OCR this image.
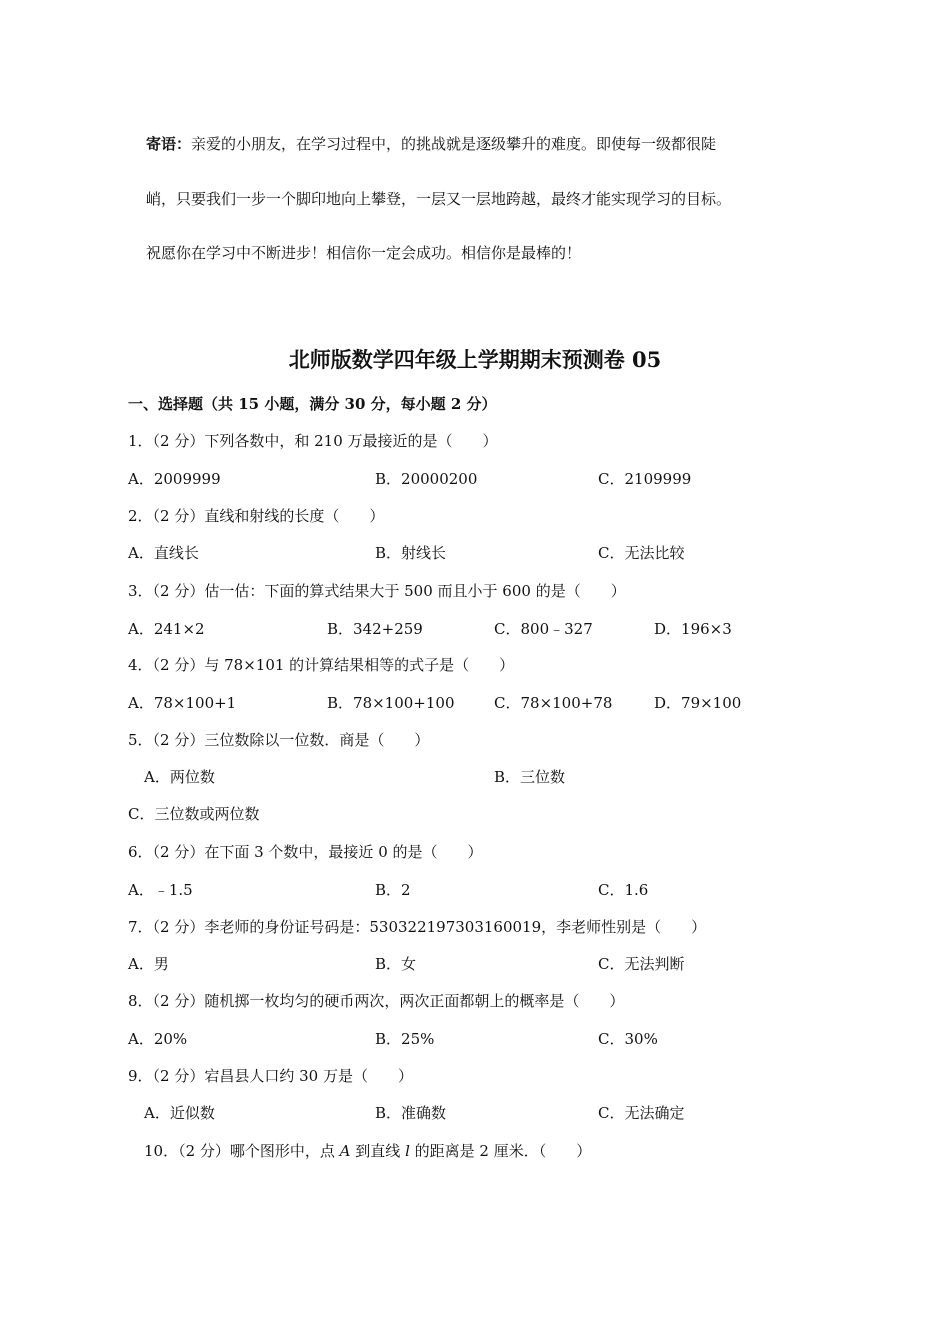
寄语：亲爱的小朋友，在学习过程中，的挑战就是逐级攀升的难度。即使每一级都很陡
峭，只要我们一步一个脚印地向上攀登，一层又一层地跨越，最终才能实现学习的目标。
祝愿你在学习中不断进步！相信你一定会成功。相信你是最棒的！
北师版数学四年级上学期期末预测卷 05
一、选择题（共 15 小题，满分 30 分，每小题 2 分）
1．（2 分）下列各数中，和 210 万最接近的是（　　）
A．2009999	B．20000200	C．2109999
2．（2 分）直线和射线的长度（　　）
A．直线长	B．射线长	C．无法比较
3．（2 分）估一估：下面的算式结果大于 500 而且小于 600 的是（　　）
A．241×2	B．342+259	C．800﹣327	D．196×3
4．（2 分）与 78×101 的计算结果相等的式子是（　　）
A．78×100+1	B．78×100+100	C．78×100+78	D．79×100
5．（2 分）三位数除以一位数．商是（　　）
A．两位数	B．三位数
C．三位数或两位数
6．（2 分）在下面 3 个数中，最接近 0 的是（　　）
A．﹣1.5	B．2	C．1.6
7．（2 分）李老师的身份证号码是：530322197303160019，李老师性别是（　　）
A．男	B．女	C．无法判断
8．（2 分）随机掷一枚均匀的硬币两次，两次正面都朝上的概率是（　　）
A．20%	B．25%	C．30%
9．（2 分）宕昌县人口约 30 万是（　　）
A．近似数	B．准确数	C．无法确定
10．（2 分）哪个图形中，点 A 到直线 l 的距离是 2 厘米．（　　）
